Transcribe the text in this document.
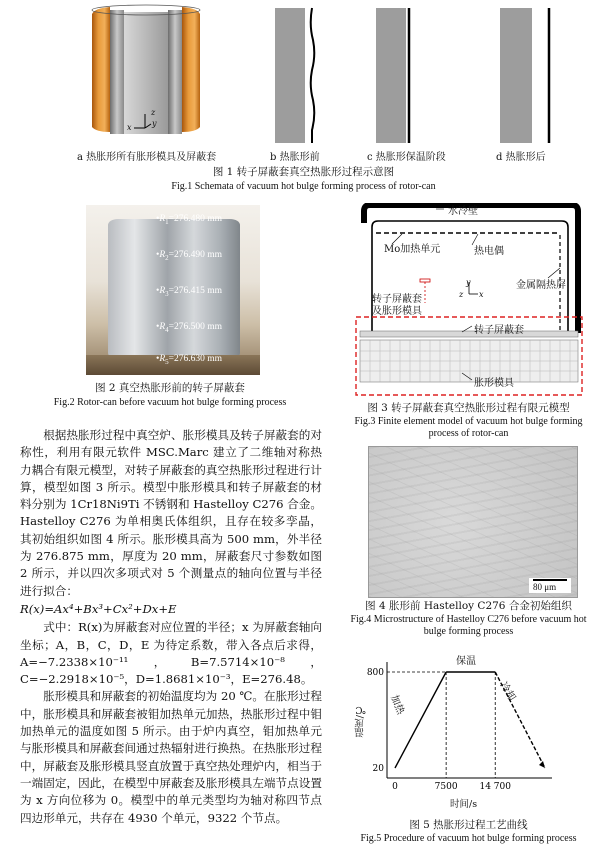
z
x	y
a 热胀形所有胀形模具及屏蔽套	b 热胀形前	c 热胀形保温阶段	d 热胀形后
图 1 转子屏蔽套真空热胀形过程示意图
Fig.1 Schemata of vacuum hot bulge forming process of rotor-can
$•R_1=276.480$ mm
$•R_2=276.490$ mm
$•R_3=276.415$ mm
$•R_4=276.500$ mm
$•R_5=276.630$ mm
图 2 真空热胀形前的转子屏蔽套
Fig.2 Rotor-can before vacuum hot bulge forming process
水冷壁
Mo加热单元	热电偶
金属隔热屏
转子屏蔽套
及胀形模具
y
z x
转子屏蔽套
胀形模具
图 3 转子屏蔽套真空热胀形过程有限元模型
Fig.3 Finite element model of vacuum hot bulge forming
process of rotor-can

根据热胀形过程中真空炉、胀形模具及转子屏蔽套的对称性，利用有限元软件 MSC.Marc 建立了二维轴对称热力耦合有限元模型，对转子屏蔽套的真空热胀形过程进行计算，模型如图 3 所示。模型中胀形模具和转子屏蔽套的材料分别为 1Cr18Ni9Ti 不锈钢和 Hastelloy C276 合金。Hastelloy C276 为单相奥氏体组织，且存在较多孪晶，其初始组织如图 4 所示。胀形模具高为 500 mm，外半径为 276.875 mm，厚度为 20 mm，屏蔽套尺寸参数如图 2 所示，并以四次多项式对 5 个测量点的轴向位置与半径进行拟合：

R(x)=Ax⁴+Bx³+Cx²+Dx+E

式中：R(x)为屏蔽套对应位置的半径；x 为屏蔽套轴向坐标；A，B，C，D，E 为待定系数，带入各点后求得，A=−7.2338×10⁻¹¹，B=7.5714×10⁻⁸，C=−2.2918×10⁻⁵，D=1.8681×10⁻³，E=276.48。

胀形模具和屏蔽套的初始温度均为 20 ℃。在胀形过程中，胀形模具和屏蔽套被钼加热单元加热，热胀形过程中钼加热单元的温度如图 5 所示。由于炉内真空，钼加热单元与胀形模具和屏蔽套间通过热辐射进行换热。在热胀形过程中，屏蔽套及胀形模具竖直放置于真空热处理炉内，相当于一端固定，因此，在模型中屏蔽套及胀形模具左端节点设置为 x 方向位移为 0。模型中的单元类型均为轴对称四节点四边形单元，共存在 4930 个单元，9322 个节点。

80 μm
图 4 胀形前 Hastelloy C276 合金初始组织
Fig.4 Microstructure of Hastelloy C276 before vacuum hot
bulge forming process
800
20
0	7500 14 700
温度/℃
时间/s
保温
加热
冷却
图 5 热胀形过程工艺曲线
Fig.5 Procedure of vacuum hot bulge forming process
